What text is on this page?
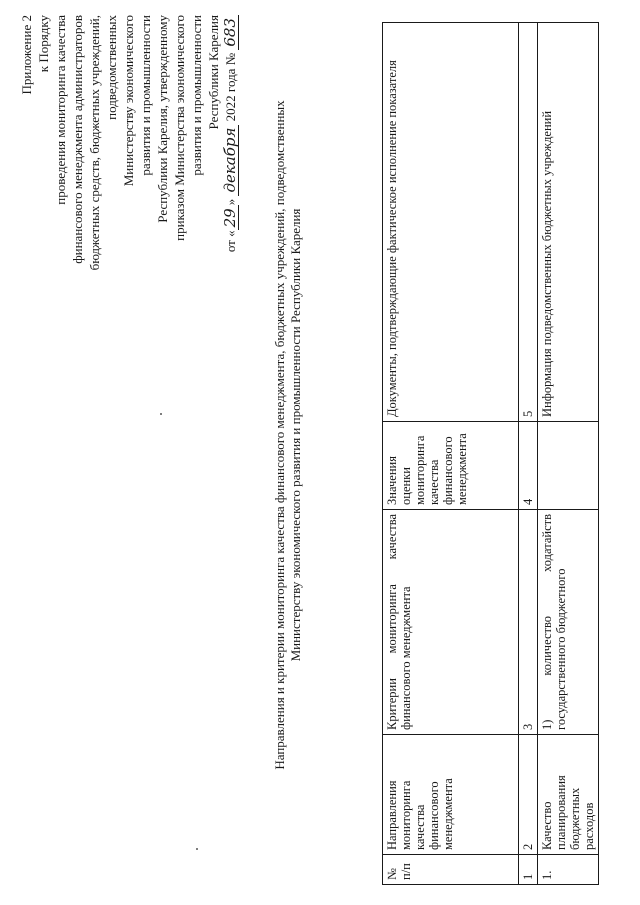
Приложение 2 к Порядку проведения мониторинга качества финансового менеджмента администраторов бюджетных средств, бюджетных учреждений, подведомственных Министерству экономического развития и промышленности Республики Карелия, утвержденному приказом Министерства экономического развития и промышленности Республики Карелия
от «29» декабря 2022 года № 683
Направления и критерии мониторинга качества финансового менеджмента, бюджетных учреждений, подведомственных Министерству экономического развития и промышленности Республики Карелия
№ п/п	Направления мониторинга качества финансового менеджмента	Критерии мониторинга качества финансового менеджмента	Значения оценки мониторинга качества финансового менеджмента	Документы, подтверждающие фактическое исполнение показателя
1	2	3	4	5
1.	Качество планирования бюджетных расходов	1) количество ходатайств государственного бюджетного		Информация подведомственных бюджетных учреждений
